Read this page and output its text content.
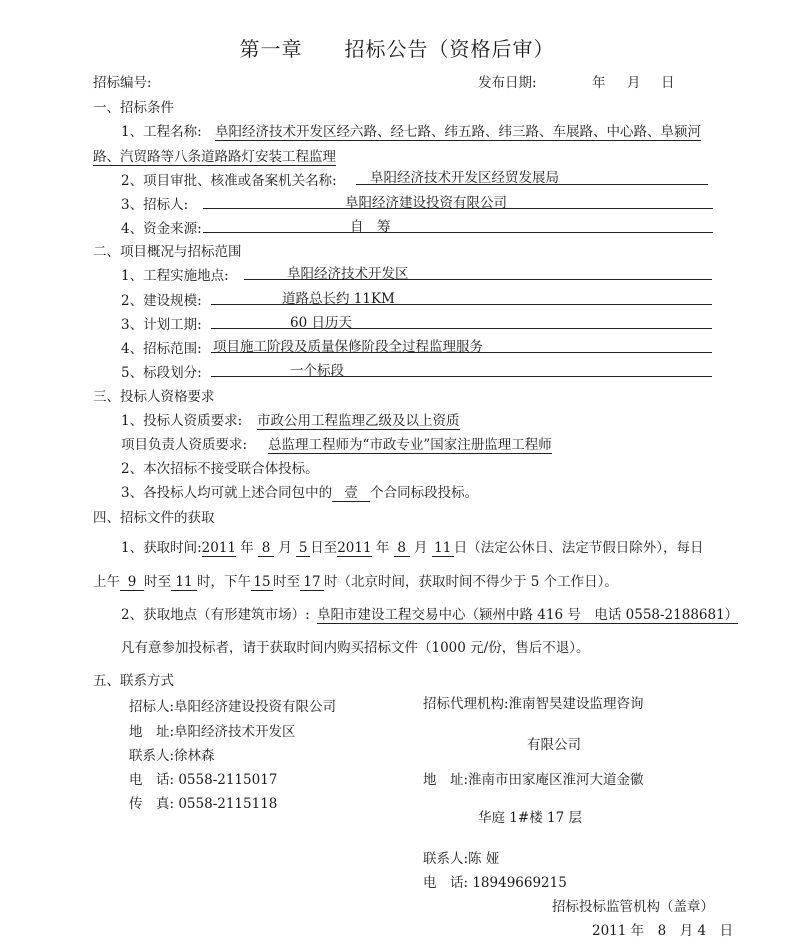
第一章　　招标公告（资格后审）
招标编号:	发布日期:	年 月 日
一、招标条件
1、工程名称: 阜阳经济技术开发区经六路、经七路、纬五路、纬三路、车展路、中心路、阜颍河
路、汽贸路等八条道路路灯安装工程监理
2、项目审批、核准或备案机关名称: 阜阳经济技术开发区经贸发展局
3、招标人:	阜阳经济建设投资有限公司
4、资金来源:	自　筹
二、项目概况与招标范围
1、工程实施地点:	阜阳经济技术开发区
2、建设规模:	道路总长约 11KM
3、计划工期:	60 日历天
4、招标范围: 项目施工阶段及质量保修阶段全过程监理服务
5、标段划分:	一个标段
三、投标人资格要求
1、投标人资质要求: 市政公用工程监理乙级及以上资质
项目负责人资质要求: 总监理工程师为“市政专业”国家注册监理工程师
2、本次招标不接受联合体投标。
3、各投标人均可就上述合同包中的 壹 个合同标段投标。
四、招标文件的获取
1、获取时间:2011 年 8 月 5 日至2011 年 8 月 11 日（法定公休日、法定节假日除外），每日
上午 9 时至 11 时，下午 15 时至 17 时（北京时间，获取时间不得少于 5 个工作日）。
2、获取地点（有形建筑市场）: 阜阳市建设工程交易中心（颍州中路 416 号　电话 0558-2188681）
凡有意参加投标者，请于获取时间内购买招标文件（1000 元/份，售后不退）。
五、联系方式
招标人:阜阳经济建设投资有限公司
地　址:阜阳经济技术开发区
联系人:徐林森
电　话: 0558-2115017
传　真: 0558-2115118
招标代理机构:淮南智昊建设监理咨询
有限公司
地　址:淮南市田家庵区淮河大道金徽
华庭 1#楼 17 层
联系人:陈 娅
电　话: 18949669215
招标投标监管机构（盖章）
2011 年　8　月 4　日
